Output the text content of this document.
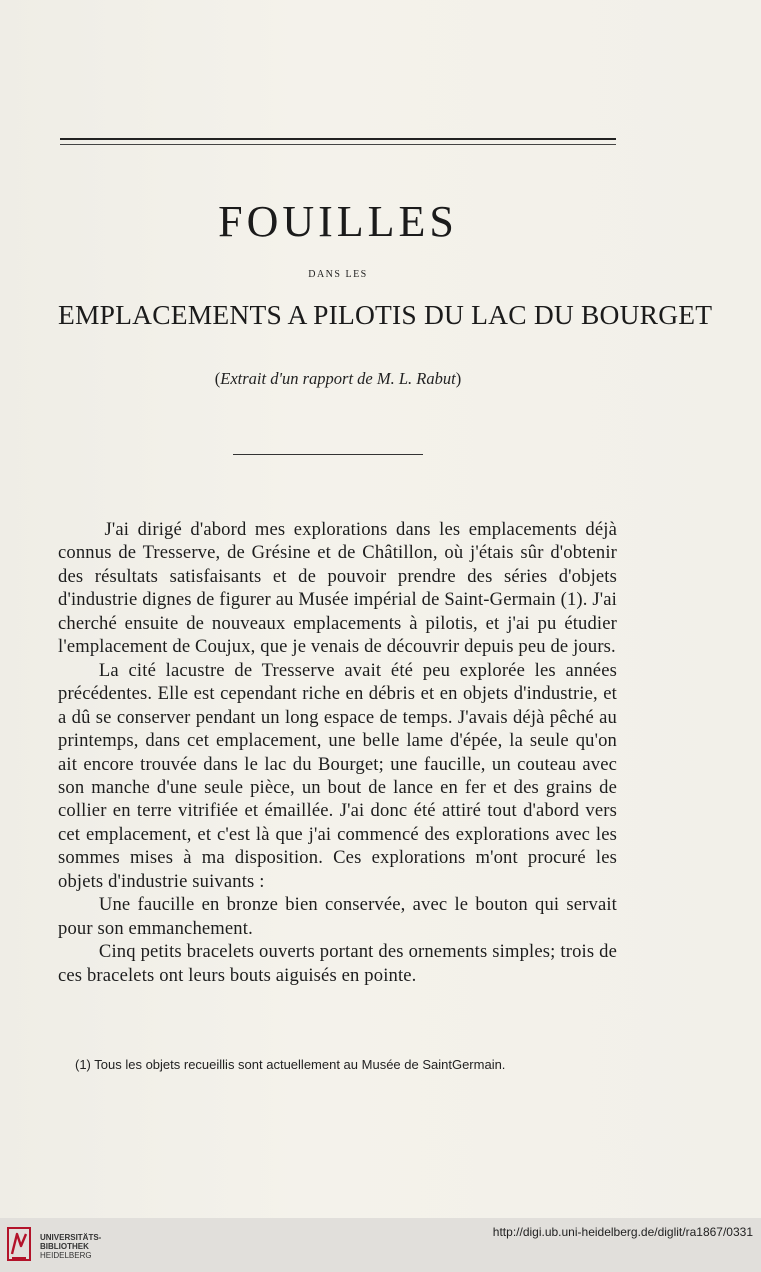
FOUILLES
DANS LES
EMPLACEMENTS A PILOTIS DU LAC DU BOURGET
(Extrait d'un rapport de M. L. Rabut)

J'ai dirigé d'abord mes explorations dans les emplacements déjà connus de Tresserve, de Grésine et de Châtillon, où j'étais sûr d'obtenir des résultats satisfaisants et de pouvoir prendre des séries d'objets d'industrie dignes de figurer au Musée impérial de Saint-Germain (1). J'ai cherché ensuite de nouveaux emplacements à pilotis, et j'ai pu étudier l'emplacement de Coujux, que je venais de découvrir depuis peu de jours.

La cité lacustre de Tresserve avait été peu explorée les années précédentes. Elle est cependant riche en débris et en objets d'industrie, et a dû se conserver pendant un long espace de temps. J'avais déjà pêché au printemps, dans cet emplacement, une belle lame d'épée, la seule qu'on ait encore trouvée dans le lac du Bourget; une faucille, un couteau avec son manche d'une seule pièce, un bout de lance en fer et des grains de collier en terre vitrifiée et émaillée. J'ai donc été attiré tout d'abord vers cet emplacement, et c'est là que j'ai commencé des explorations avec les sommes mises à ma disposition. Ces explorations m'ont procuré les objets d'industrie suivants :

Une faucille en bronze bien conservée, avec le bouton qui servait pour son emmanchement.

Cinq petits bracelets ouverts portant des ornements simples; trois de ces bracelets ont leurs bouts aiguisés en pointe.

(1) Tous les objets recueillis sont actuellement au Musée de SaintGermain.
UNIVERSITÄTS-
BIBLIOTHEK
HEIDELBERG
http://digi.ub.uni-heidelberg.de/diglit/ra1867/0331
